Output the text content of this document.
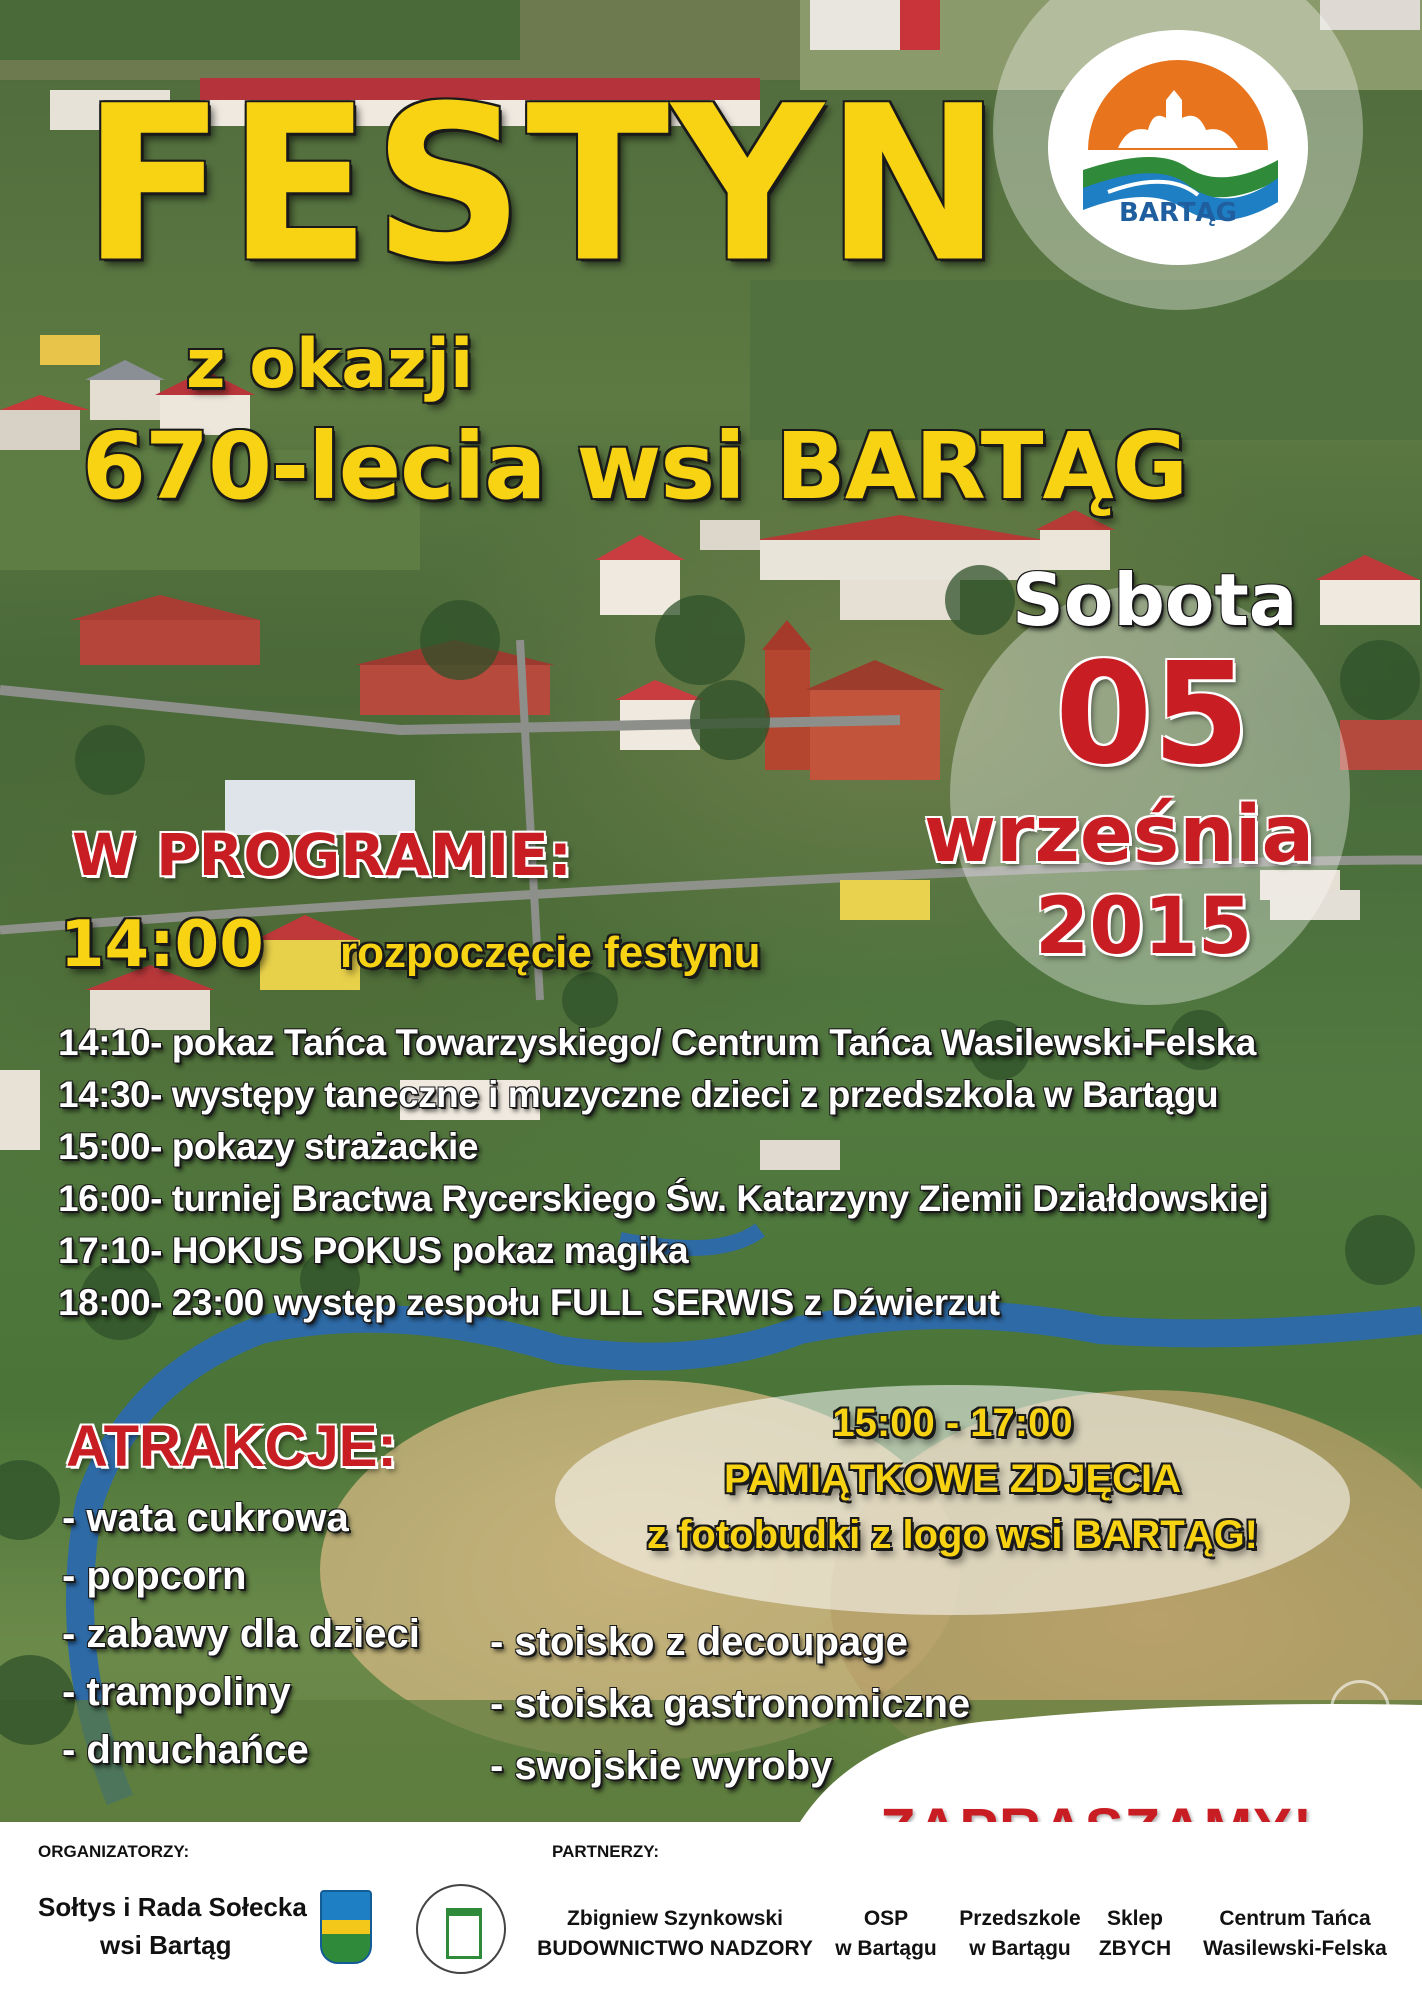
BARTĄG
FESTYN
z okazji
670-lecia wsi BARTĄG
Sobota
05
września
2015
W PROGRAMIE:
14:00 rozpoczęcie festynu
14:10- pokaz Tańca Towarzyskiego/ Centrum Tańca Wasilewski-Felska
14:30- występy taneczne i muzyczne dzieci z przedszkola w Bartągu
15:00- pokazy strażackie
16:00- turniej Bractwa Rycerskiego Św. Katarzyny Ziemii Działdowskiej
17:10- HOKUS POKUS pokaz magika
18:00- 23:00 występ zespołu FULL SERWIS z Dźwierzut
ATRAKCJE:
- wata cukrowa
- popcorn
- zabawy dla dzieci
- trampoliny
- dmuchańce
- stoisko z decoupage
- stoiska gastronomiczne
- swojskie wyroby
15:00 - 17:00
PAMIĄTKOWE ZDJĘCIA
z fotobudki z logo wsi BARTĄG!
ORGANIZATORZY:
Sołtys i Rada Sołecka
wsi Bartąg
PARTNERZY:
Zbigniew Szynkowski
BUDOWNICTWO NADZORY
OSP
w Bartągu
Przedszkole
w Bartągu
Sklep
ZBYCH
Centrum Tańca
Wasilewski-Felska
